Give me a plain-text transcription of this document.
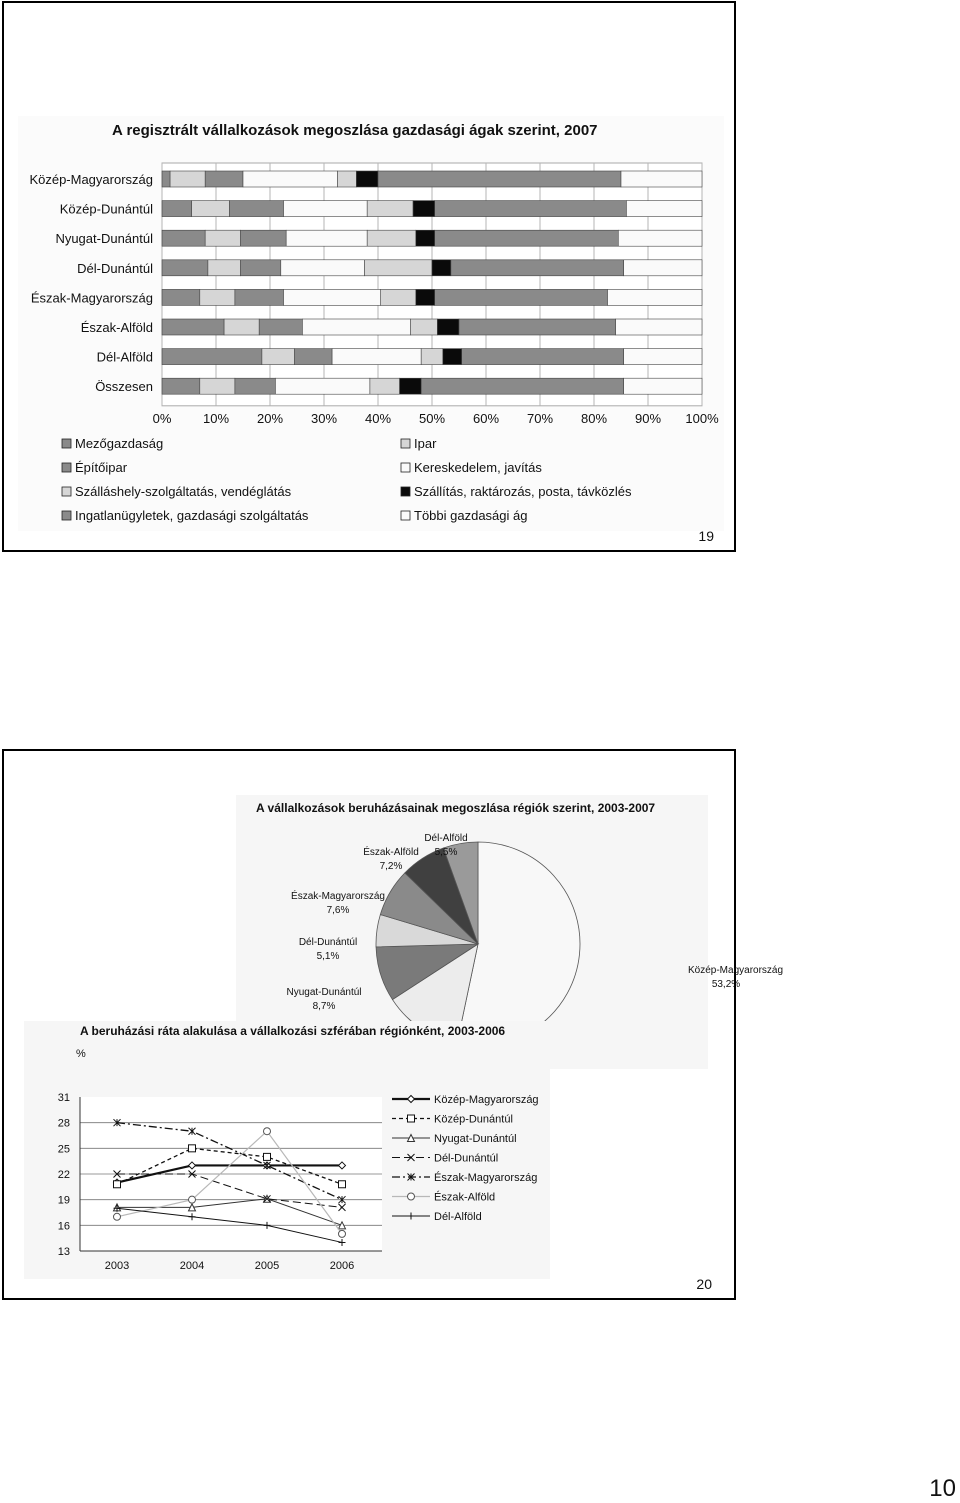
A regisztrált vállalkozások megoszlása gazdasági ágak szerint, 2007
0% 10% 20% 30% 40% 50% 60% 70% 80% 90% 100%
Közép-Magyarország
Közép-Dunántúl
Nyugat-Dunántúl
Dél-Dunántúl
Észak-Magyarország
Észak-Alföld
Dél-Alföld
Összesen
Mezőgazdaság	Ipar
Építőipar	Kereskedelem, javítás
Szálláshely-szolgáltatás, vendéglátás	Szállítás, raktározás, posta, távközlés
Ingatlanügyletek, gazdasági szolgáltatás	Többi gazdasági ág
19
A vállalkozások beruházásainak megoszlása régiók szerint, 2003-2007
Közép-Magyarország
53,2%
Nyugat-Dunántúl
8,7%
Dél-Dunántúl
5,1%
Észak-Magyarország
7,6%
Észak-Alföld
7,2%
Dél-Alföld
5,5%
A beruházási ráta alakulása a vállalkozási szférában régiónként, 2003-2006
%
13
16
19
22
25
28
31
2003	2004	2005	2006
Közép-Magyarország
Közép-Dunántúl
Nyugat-Dunántúl
Dél-Dunántúl
Észak-Magyarország
Észak-Alföld
Dél-Alföld
20
10
